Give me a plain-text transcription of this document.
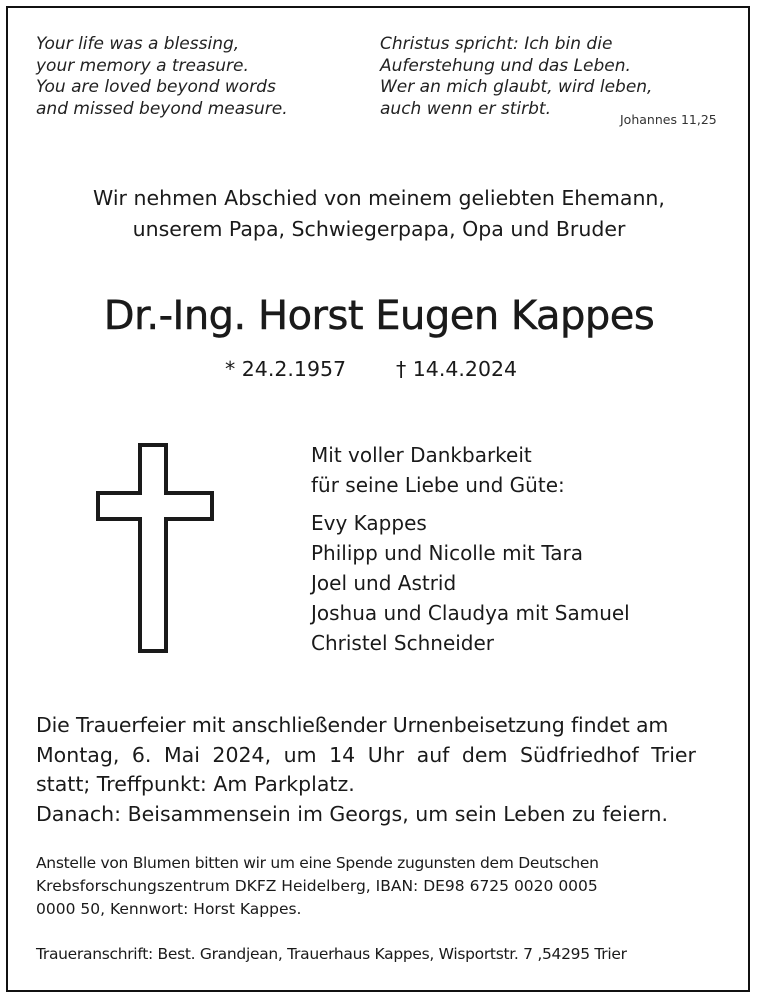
Your life was a blessing,
your memory a treasure.
You are loved beyond words
and missed beyond measure.
Christus spricht: Ich bin die
Auferstehung und das Leben.
Wer an mich glaubt, wird leben,
auch wenn er stirbt.
Johannes 11,25
Wir nehmen Abschied von meinem geliebten Ehemann,
unserem Papa, Schwiegerpapa, Opa und Bruder
Dr.-Ing. Horst Eugen Kappes
* 24.2.1957 † 14.4.2024
Mit voller Dankbarkeit
für seine Liebe und Güte:
Evy Kappes
Philipp und Nicolle mit Tara
Joel und Astrid
Joshua und Claudya mit Samuel
Christel Schneider
Die Trauerfeier mit anschließender Urnenbeisetzung findet am
Montag, 6. Mai 2024, um 14 Uhr auf dem Südfriedhof Trier
statt; Treffpunkt: Am Parkplatz.
Danach: Beisammensein im Georgs, um sein Leben zu feiern.
Anstelle von Blumen bitten wir um eine Spende zugunsten dem Deutschen
Krebsforschungszentrum DKFZ Heidelberg, IBAN: DE98 6725 0020 0005
0000 50, Kennwort: Horst Kappes.
Traueranschrift: Best. Grandjean, Trauerhaus Kappes, Wisportstr. 7 ,54295 Trier
